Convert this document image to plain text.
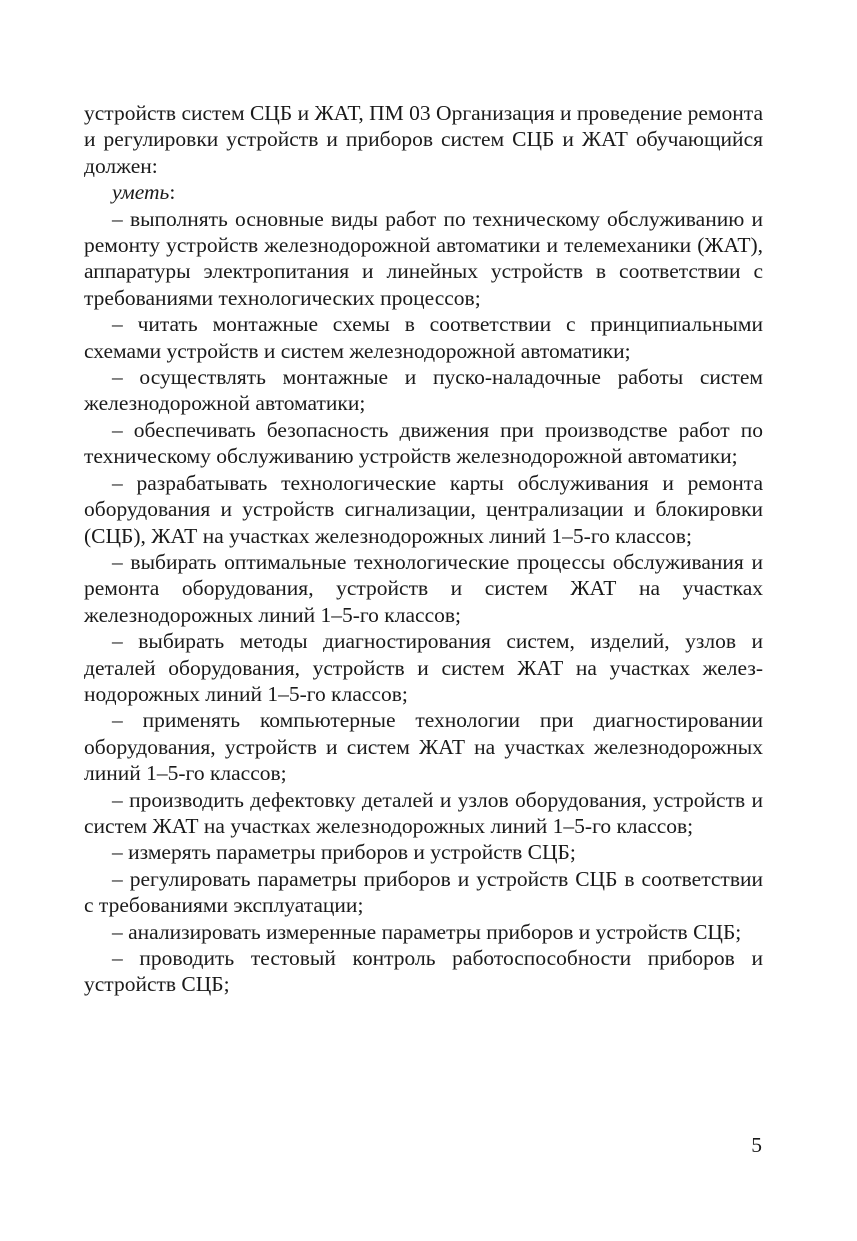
устройств систем СЦБ и ЖАТ, ПМ 03 Организация и проведение ремонта и регулировки устройств и приборов систем СЦБ и ЖАТ обучающийся должен:

уметь:

– выполнять основные виды работ по техническому обслуживанию и ремонту устройств железнодорожной автоматики и телемеханики (ЖАТ), аппаратуры электропитания и линейных устройств в соответствии с требованиями технологических процессов;

– читать монтажные схемы в соответствии с принципиальными схемами устройств и систем железнодорожной автоматики;

– осуществлять монтажные и пуско-наладочные работы систем железнодорожной автоматики;

– обеспечивать безопасность движения при производстве работ по техническому обслуживанию устройств железнодорожной автоматики;

– разрабатывать технологические карты обслуживания и ремонта оборудования и устройств сигнализации, централизации и блокировки (СЦБ), ЖАТ на участках железнодорожных линий 1–5-го классов;

– выбирать оптимальные технологические процессы обслуживания и ремонта оборудования, устройств и систем ЖАТ на участках железнодорожных линий 1–5-го классов;

– выбирать методы диагностирования систем, изделий, узлов и деталей оборудования, устройств и систем ЖАТ на участках железнодорожных линий 1–5-го классов;

– применять компьютерные технологии при диагностировании оборудования, устройств и систем ЖАТ на участках железнодорожных линий 1–5-го классов;

– производить дефектовку деталей и узлов оборудования, устройств и систем ЖАТ на участках железнодорожных линий 1–5-го классов;

– измерять параметры приборов и устройств СЦБ;

– регулировать параметры приборов и устройств СЦБ в соответствии с требованиями эксплуатации;

– анализировать измеренные параметры приборов и устройств СЦБ;

– проводить тестовый контроль работоспособности приборов и устройств СЦБ;

5
